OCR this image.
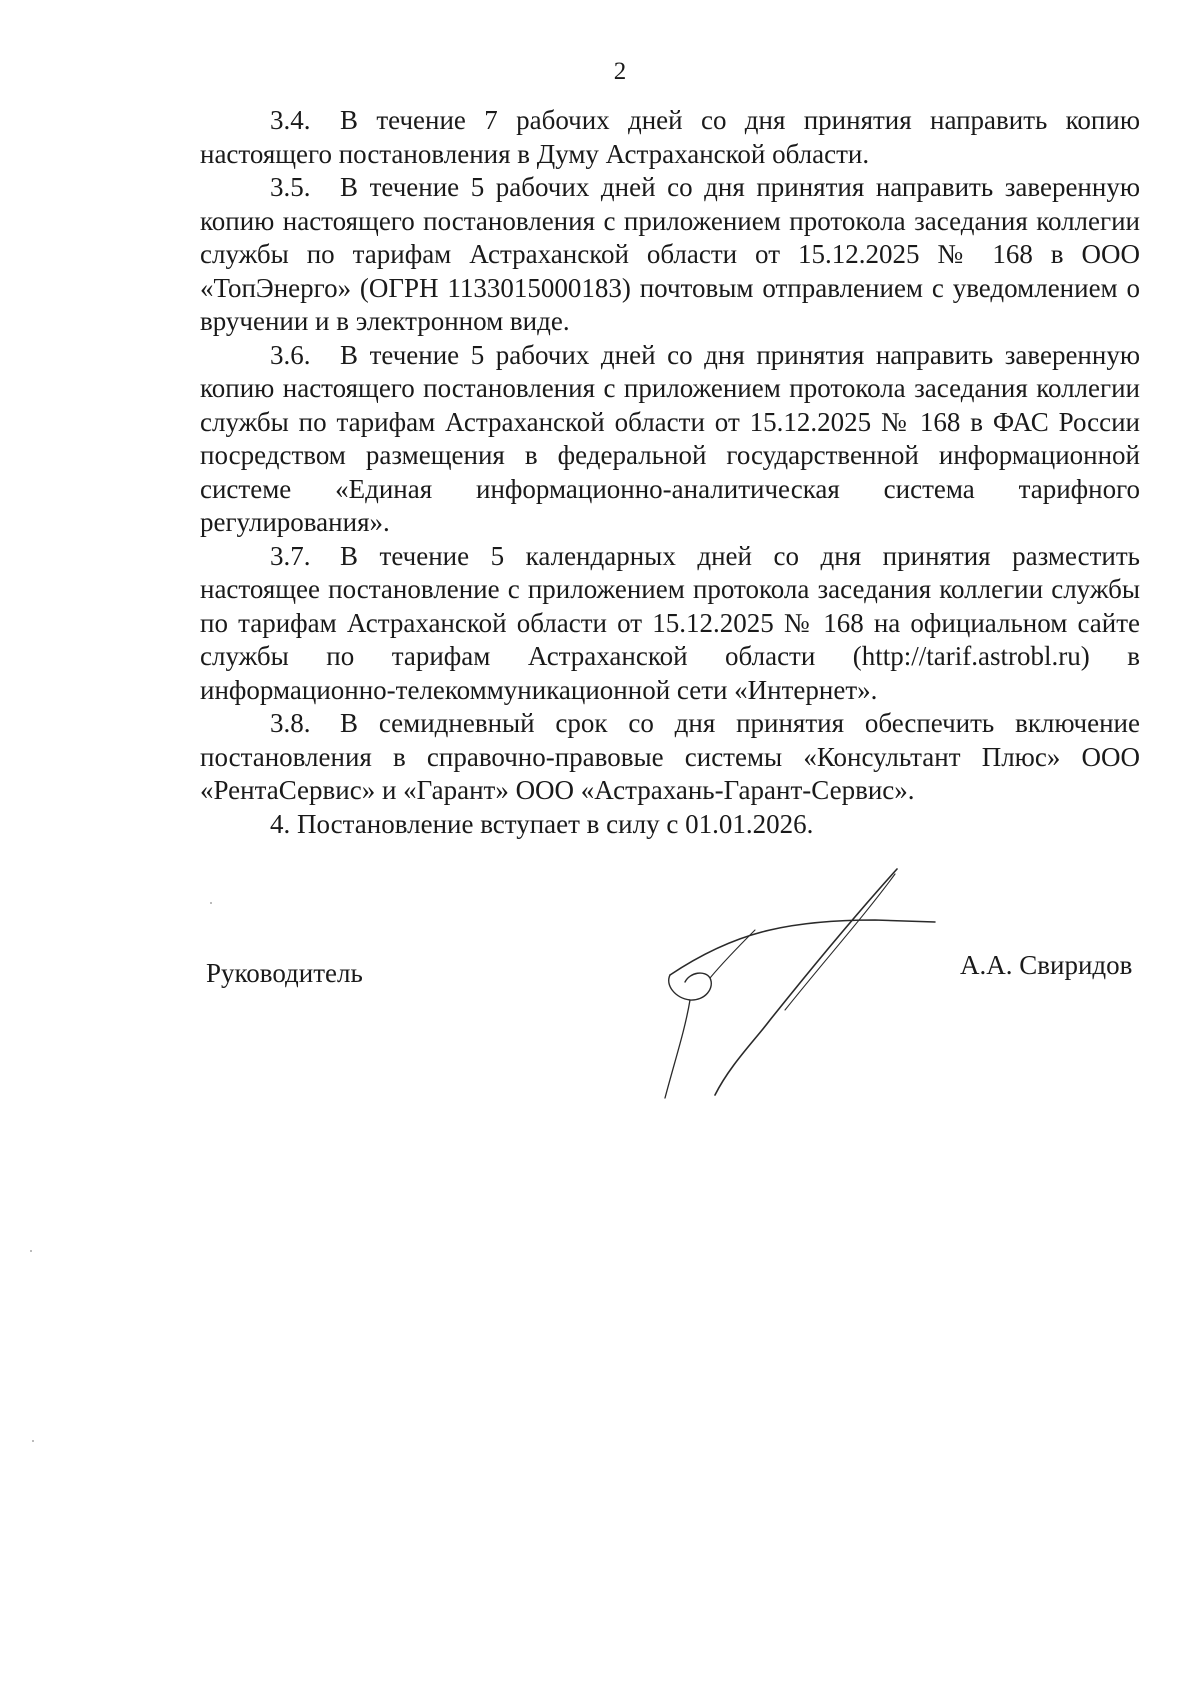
2

3.4. В течение 7 рабочих дней со дня принятия направить копию настоящего постановления в Думу Астраханской области.

3.5. В течение 5 рабочих дней со дня принятия направить заверенную копию настоящего постановления с приложением протокола заседания коллегии службы по тарифам Астраханской области от 15.12.2025 № 168 в ООО «ТопЭнерго» (ОГРН 1133015000183) почтовым отправлением с уведомлением о вручении и в электронном виде.

3.6. В течение 5 рабочих дней со дня принятия направить заверенную копию настоящего постановления с приложением протокола заседания коллегии службы по тарифам Астраханской области от 15.12.2025 № 168 в ФАС России посредством размещения в федеральной государственной информационной системе «Единая информационно-аналитическая система тарифного регулирования».

3.7. В течение 5 календарных дней со дня принятия разместить настоящее постановление с приложением протокола заседания коллегии службы по тарифам Астраханской области от 15.12.2025 № 168 на официальном сайте службы по тарифам Астраханской области (http://tarif.astrobl.ru) в информационно-телекоммуникационной сети «Интернет».

3.8. В семидневный срок со дня принятия обеспечить включение постановления в справочно-правовые системы «Консультант Плюс» ООО «РентаСервис» и «Гарант» ООО «Астрахань-Гарант-Сервис».

4. Постановление вступает в силу с 01.01.2026.

Руководитель	А.А. Свиридов
